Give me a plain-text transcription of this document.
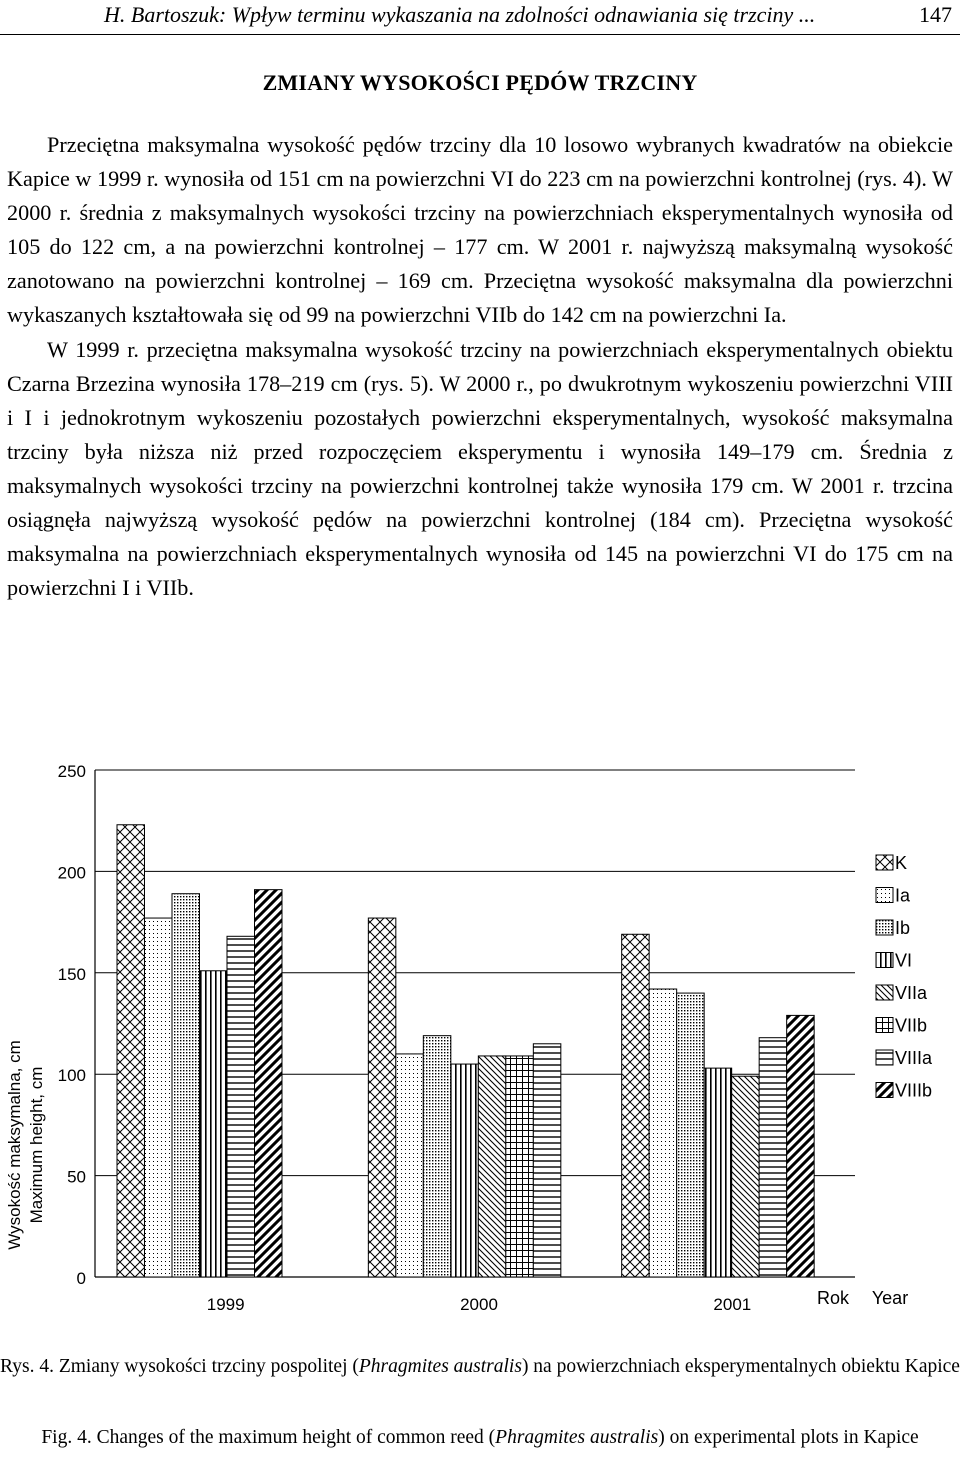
H. Bartoszuk: Wpływ terminu wykaszania na zdolności odnawiania się trzciny ...	147
ZMIANY WYSOKOŚCI PĘDÓW TRZCINY

Przeciętna maksymalna wysokość pędów trzciny dla 10 losowo wybranych kwadratów na obiekcie Kapice w 1999 r. wynosiła od 151 cm na powierzchni VI do 223 cm na powierzchni kontrolnej (rys. 4). W 2000 r. średnia z maksymalnych wysokości trzciny na powierzchniach eksperymentalnych wynosiła od 105 do 122 cm, a na powierzchni kontrolnej – 177 cm. W 2001 r. najwyższą maksymalną wysokość zanotowano na powierzchni kontrolnej – 169 cm. Przeciętna wysokość maksymalna dla powierzchni wykaszanych kształtowała się od 99 na powierzchni VIIb do 142 cm na powierzchni Ia.

W 1999 r. przeciętna maksymalna wysokość trzciny na powierzchniach eksperymentalnych obiektu Czarna Brzezina wynosiła 178–219 cm (rys. 5). W 2000 r., po dwukrotnym wykoszeniu powierzchni VIII i I i jednokrotnym wykoszeniu pozostałych powierzchni eksperymentalnych, wysokość maksymalna trzciny była niższa niż przed rozpoczęciem eksperymentu i wynosiła 149–179 cm. Średnia z maksymalnych wysokości trzciny na powierzchni kontrolnej także wynosiła 179 cm. W 2001 r. trzcina osiągnęła najwyższą wysokość pędów na powierzchni kontrolnej (184 cm). Przeciętna wysokość maksymalna na powierzchniach eksperymentalnych wynosiła od 145 na powierzchni VI do 175 cm na powierzchni I i VIIb.

0
50
100
150
200
250
1999	2000	2001
K
Ia
Ib
VI
VIIa
VIIb
VIIIa
VIIIb
Wysokość maksymalna, cm Maximum height, cm
Rok Year
Rys. 4. Zmiany wysokości trzciny pospolitej (Phragmites australis) na powierzchniach eksperymentalnych obiektu Kapice
Fig. 4. Changes of the maximum height of common reed (Phragmites australis) on experimental plots in Kapice
